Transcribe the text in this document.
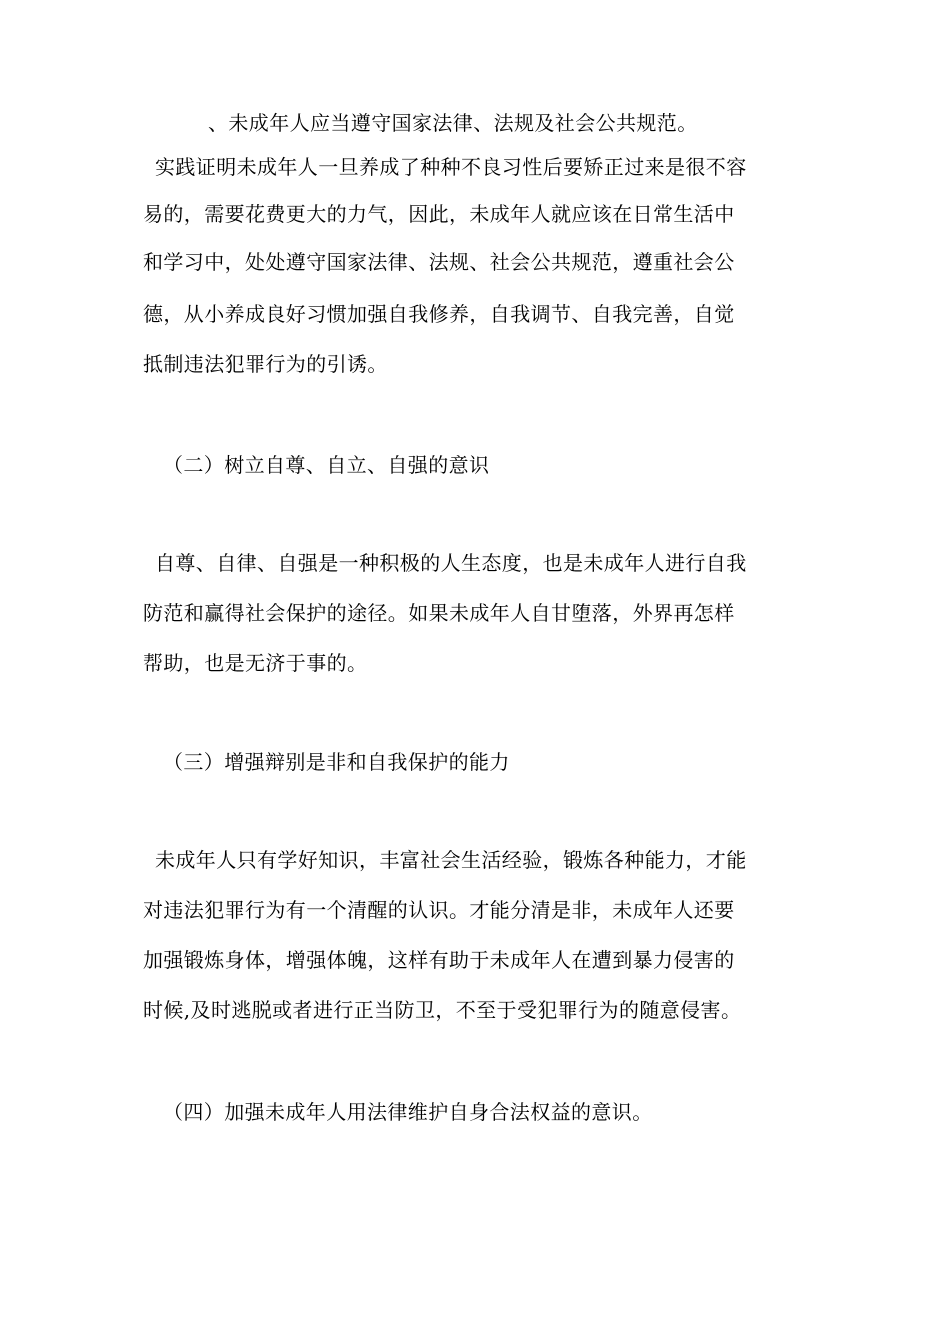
、未成年人应当遵守国家法律、法规及社会公共规范。
实践证明未成年人一旦养成了种种不良习性后要矫正过来是很不容
易的，需要花费更大的力气，因此，未成年人就应该在日常生活中
和学习中，处处遵守国家法律、法规、社会公共规范，遵重社会公
德，从小养成良好习惯加强自我修养，自我调节、自我完善，自觉
抵制违法犯罪行为的引诱。
（二）树立自尊、自立、自强的意识
自尊、自律、自强是一种积极的人生态度，也是未成年人进行自我
防范和赢得社会保护的途径。如果未成年人自甘堕落，外界再怎样
帮助，也是无济于事的。
（三）增强辩别是非和自我保护的能力
未成年人只有学好知识，丰富社会生活经验，锻炼各种能力，才能
对违法犯罪行为有一个清醒的认识。才能分清是非，未成年人还要
加强锻炼身体，增强体魄，这样有助于未成年人在遭到暴力侵害的
时候,及时逃脱或者进行正当防卫，不至于受犯罪行为的随意侵害。
（四）加强未成年人用法律维护自身合法权益的意识。
